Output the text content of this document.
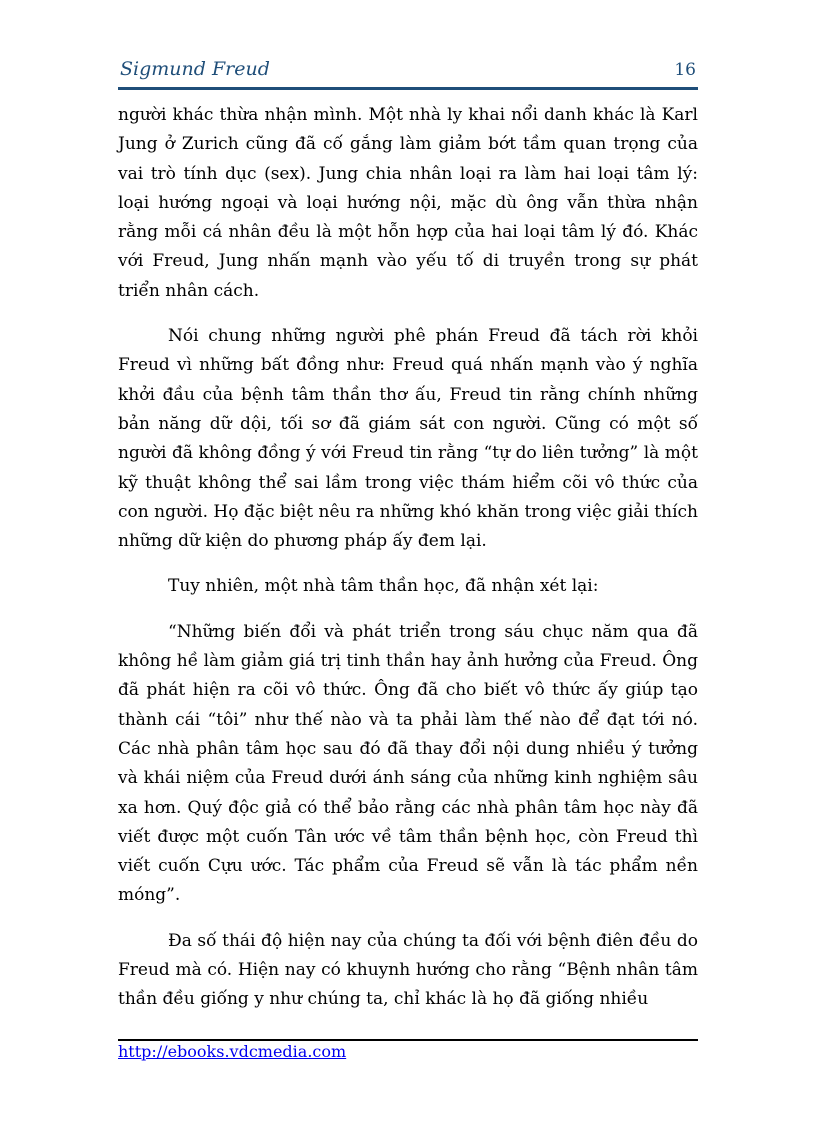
Sigmund Freud	16

người khác thừa nhận mình. Một nhà ly khai nổi danh khác là Karl Jung ở Zurich cũng đã cố gắng làm giảm bớt tầm quan trọng của vai trò tính dục (sex). Jung chia nhân loại ra làm hai loại tâm lý: loại hướng ngoại và loại hướng nội, mặc dù ông vẫn thừa nhận rằng mỗi cá nhân đều là một hỗn hợp của hai loại tâm lý đó. Khác với Freud, Jung nhấn mạnh vào yếu tố di truyền trong sự phát triển nhân cách.

Nói chung những người phê phán Freud đã tách rời khỏi Freud vì những bất đồng như: Freud quá nhấn mạnh vào ý nghĩa khởi đầu của bệnh tâm thần thơ ấu, Freud tin rằng chính những bản năng dữ dội, tối sơ đã giám sát con người. Cũng có một số người đã không đồng ý với Freud tin rằng “tự do liên tưởng” là một kỹ thuật không thể sai lầm trong việc thám hiểm cõi vô thức của con người. Họ đặc biệt nêu ra những khó khăn trong việc giải thích những dữ kiện do phương pháp ấy đem lại.

Tuy nhiên, một nhà tâm thần học, đã nhận xét lại:

“Những biến đổi và phát triển trong sáu chục năm qua đã không hề làm giảm giá trị tinh thần hay ảnh hưởng của Freud. Ông đã phát hiện ra cõi vô thức. Ông đã cho biết vô thức ấy giúp tạo thành cái “tôi” như thế nào và ta phải làm thế nào để đạt tới nó. Các nhà phân tâm học sau đó đã thay đổi nội dung nhiều ý tưởng và khái niệm của Freud dưới ánh sáng của những kinh nghiệm sâu xa hơn. Quý độc giả có thể bảo rằng các nhà phân tâm học này đã viết được một cuốn Tân ước về tâm thần bệnh học, còn Freud thì viết cuốn Cựu ước. Tác phẩm của Freud sẽ vẫn là tác phẩm nền móng”.

Đa số thái độ hiện nay của chúng ta đối với bệnh điên đều do Freud mà có. Hiện nay có khuynh hướng cho rằng “Bệnh nhân tâm thần đều giống y như chúng ta, chỉ khác là họ đã giống nhiều

http://ebooks.vdcmedia.com
